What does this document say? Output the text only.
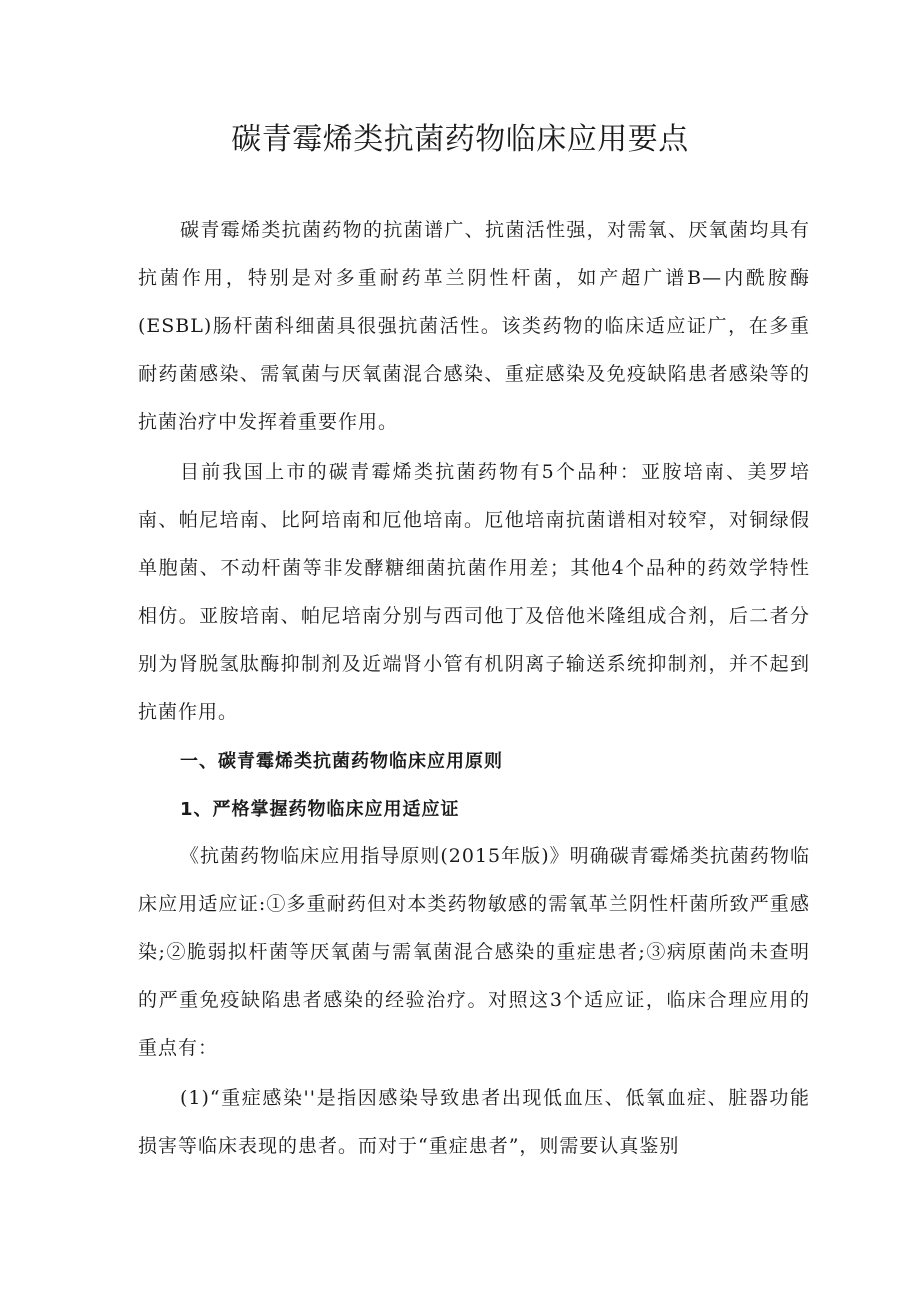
碳青霉烯类抗菌药物临床应用要点

碳青霉烯类抗菌药物的抗菌谱广、抗菌活性强，对需氧、厌氧菌均具有抗菌作用，特别是对多重耐药革兰阴性杆菌，如产超广谱B—内酰胺酶(ESBL)肠杆菌科细菌具很强抗菌活性。该类药物的临床适应证广，在多重耐药菌感染、需氧菌与厌氧菌混合感染、重症感染及免疫缺陷患者感染等的抗菌治疗中发挥着重要作用。

目前我国上市的碳青霉烯类抗菌药物有5个品种：亚胺培南、美罗培南、帕尼培南、比阿培南和厄他培南。厄他培南抗菌谱相对较窄，对铜绿假单胞菌、不动杆菌等非发酵糖细菌抗菌作用差；其他4个品种的药效学特性相仿。亚胺培南、帕尼培南分别与西司他丁及倍他米隆组成合剂，后二者分别为肾脱氢肽酶抑制剂及近端肾小管有机阴离子输送系统抑制剂，并不起到抗菌作用。

一、碳青霉烯类抗菌药物临床应用原则
1、严格掌握药物临床应用适应证

《抗菌药物临床应用指导原则(2015年版)》明确碳青霉烯类抗菌药物临床应用适应证:①多重耐药但对本类药物敏感的需氧革兰阴性杆菌所致严重感染;②脆弱拟杆菌等厌氧菌与需氧菌混合感染的重症患者;③病原菌尚未查明的严重免疫缺陷患者感染的经验治疗。对照这3个适应证，临床合理应用的重点有：

(1)“重症感染''是指因感染导致患者出现低血压、低氧血症、脏器功能损害等临床表现的患者。而对于“重症患者”，则需要认真鉴别
